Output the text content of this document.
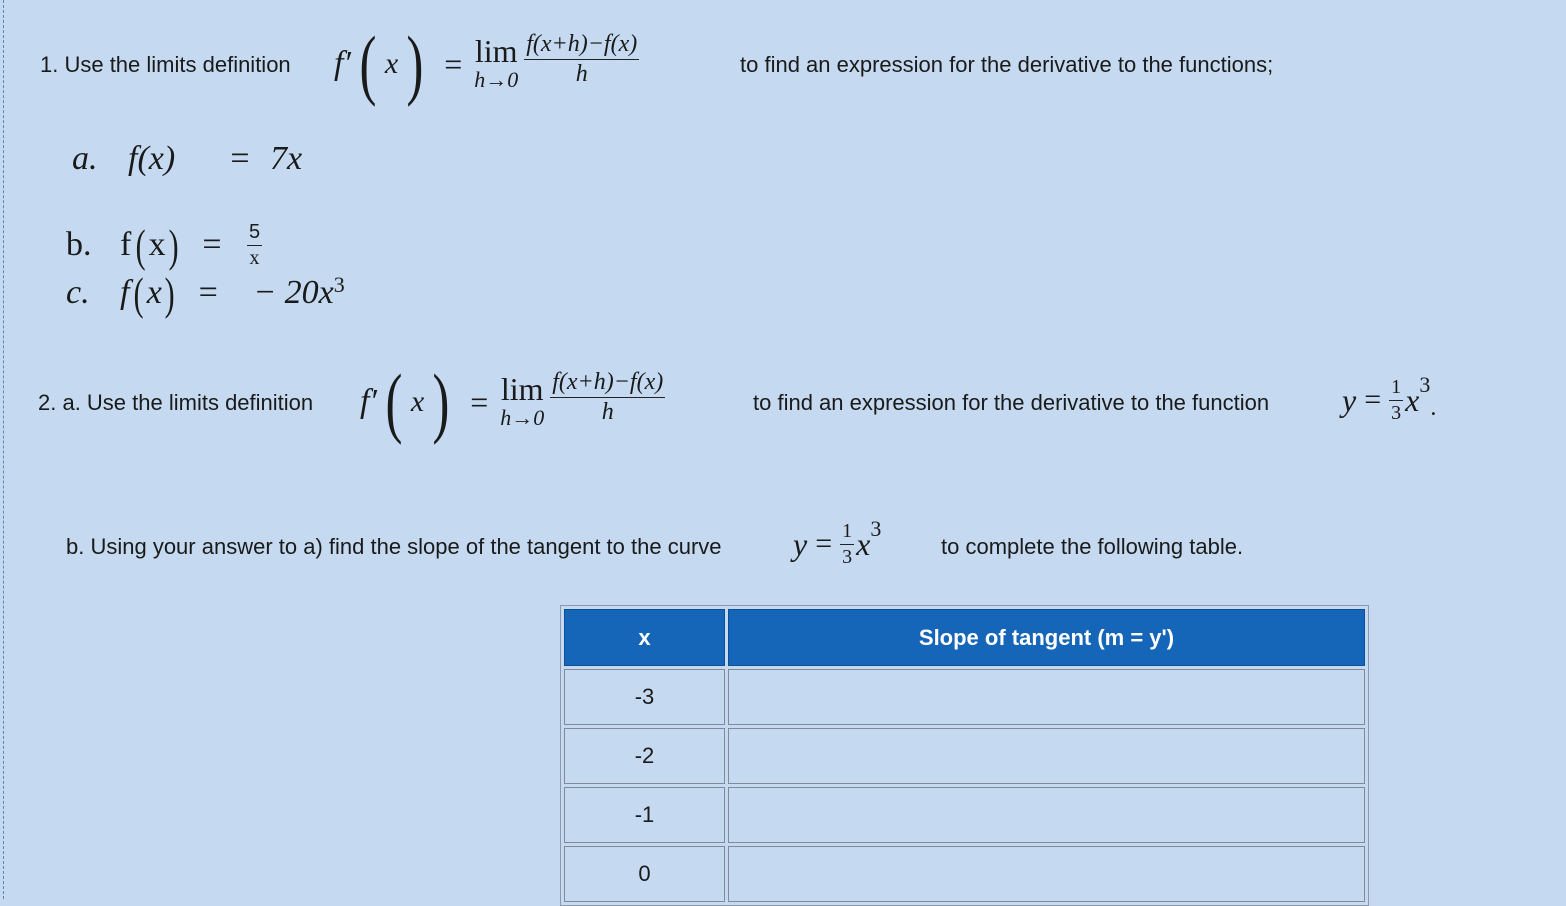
1. Use the limits definition f′ ( x ) = lim
$h\to 0 \frac{f(x+h)-f(x)}{h}$	to find an expression for the derivative to the functions;
a. f(x)	= 7x
b. f ( x ) =	$\frac{5}{x}$
c. f ( x ) =	− $20x^3$
2. a. Use the limits definition f′ ( x ) = lim
$h\to 0 \frac{f(x+h)-f(x)}{h}$	to find an expression for the derivative to the function $y = \frac{1}{3}$ x 3
.
b. Using your answer to a) find the slope of the tangent to the curve $y = \frac{1}{3}$ x 3
to complete the following table.
x	Slope of tangent (m = y')
-3	
-2	
-1	
0	
